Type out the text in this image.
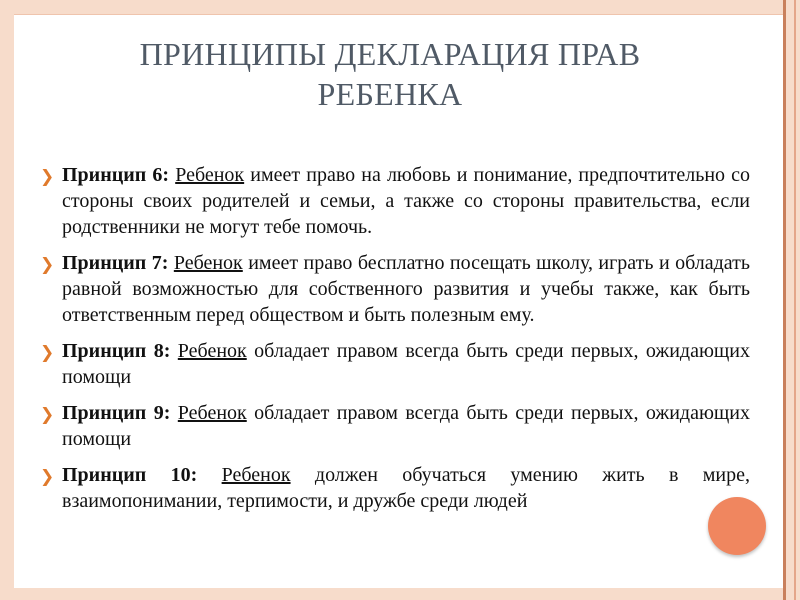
ПРИНЦИПЫ ДЕКЛАРАЦИЯ ПРАВ
РЕБЕНКА
❯ Принцип 6: Ребенок имеет право на любовь и понимание, предпочтительно со стороны своих родителей и семьи, а также со стороны правительства, если родственники не могут тебе помочь.
❯ Принцип 7: Ребенок имеет право бесплатно посещать школу, играть и обладать равной возможностью для собственного развития и учебы также, как быть ответственным перед обществом и быть полезным ему.
❯ Принцип 8: Ребенок обладает правом всегда быть среди первых, ожидающих помощи
❯ Принцип 9: Ребенок обладает правом всегда быть среди первых, ожидающих помощи
❯ Принцип 10: Ребенок должен обучаться умению жить в мире, взаимопонимании, терпимости, и дружбе среди людей
